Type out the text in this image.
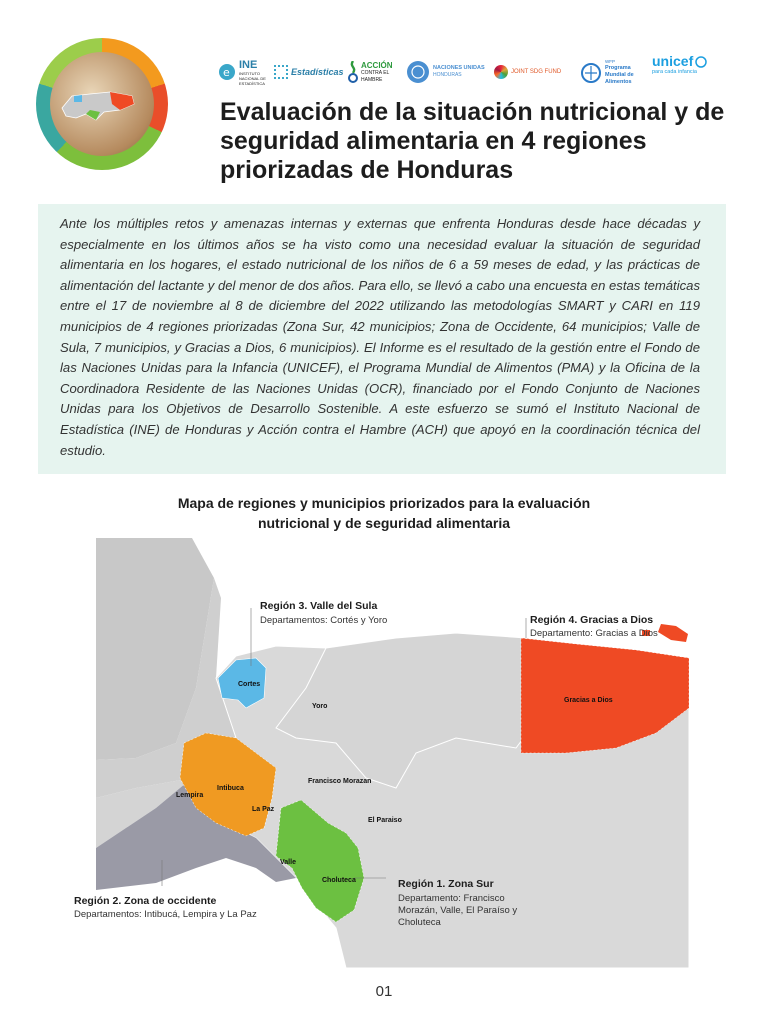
e
INE
INSTITUTO NACIONAL DE ESTADÍSTICA
Estadísticas
ACCIÓN
CONTRA EL HAMBRE
NACIONES UNIDAS
HONDURAS
JOINT SDG FUND
WFP
Programa Mundial de Alimentos
unicef
para cada infancia
Evaluación de la situación nutricional y de seguridad alimentaria en 4 regiones priorizadas de Honduras

Ante los múltiples retos y amenazas internas y externas que enfrenta Honduras desde hace décadas y especialmente en los últimos años se ha visto como una necesidad evaluar la situación de seguridad alimentaria en los hogares, el estado nutricional de los niños de 6 a 59 meses de edad, y las prácticas de alimentación del lactante y del menor de dos años. Para ello, se llevó a cabo una encuesta en estas temáticas entre el 17 de noviembre al 8 de diciembre del 2022 utilizando las metodologías SMART y CARI en 119 municipios de 4 regiones priorizadas (Zona Sur, 42 municipios; Zona de Occidente, 64 municipios; Valle de Sula, 7 municipios, y Gracias a Dios, 6 municipios). El Informe es el resultado de la gestión entre el Fondo de las Naciones Unidas para la Infancia (UNICEF), el Programa Mundial de Alimentos (PMA) y la Oficina de la Coordinadora Residente de las Naciones Unidas (OCR), financiado por el Fondo Conjunto de Naciones Unidas para los Objetivos de Desarrollo Sostenible. A este esfuerzo se sumó el Instituto Nacional de Estadística (INE) de Honduras y Acción contra el Hambre (ACH) que apoyó en la coordinación técnica del estudio.

Mapa de regiones y municipios priorizados para la evaluación nutricional y de seguridad alimentaria

Cortes
Yoro
Gracias a Dios
Intibuca
Lempira
La Paz
Francisco Morazan
El Paraiso
Valle
Choluteca
Región 3. Valle del Sula
Departamentos: Cortés y Yoro	Región 4. Gracias a Dios
Departamento: Gracias a Dios
Región 2. Zona de occidente
Departamentos: Intibucá, Lempira y La Paz
Región 1. Zona Sur
Departamento: Francisco Morazán, Valle, El Paraíso y Choluteca
01
